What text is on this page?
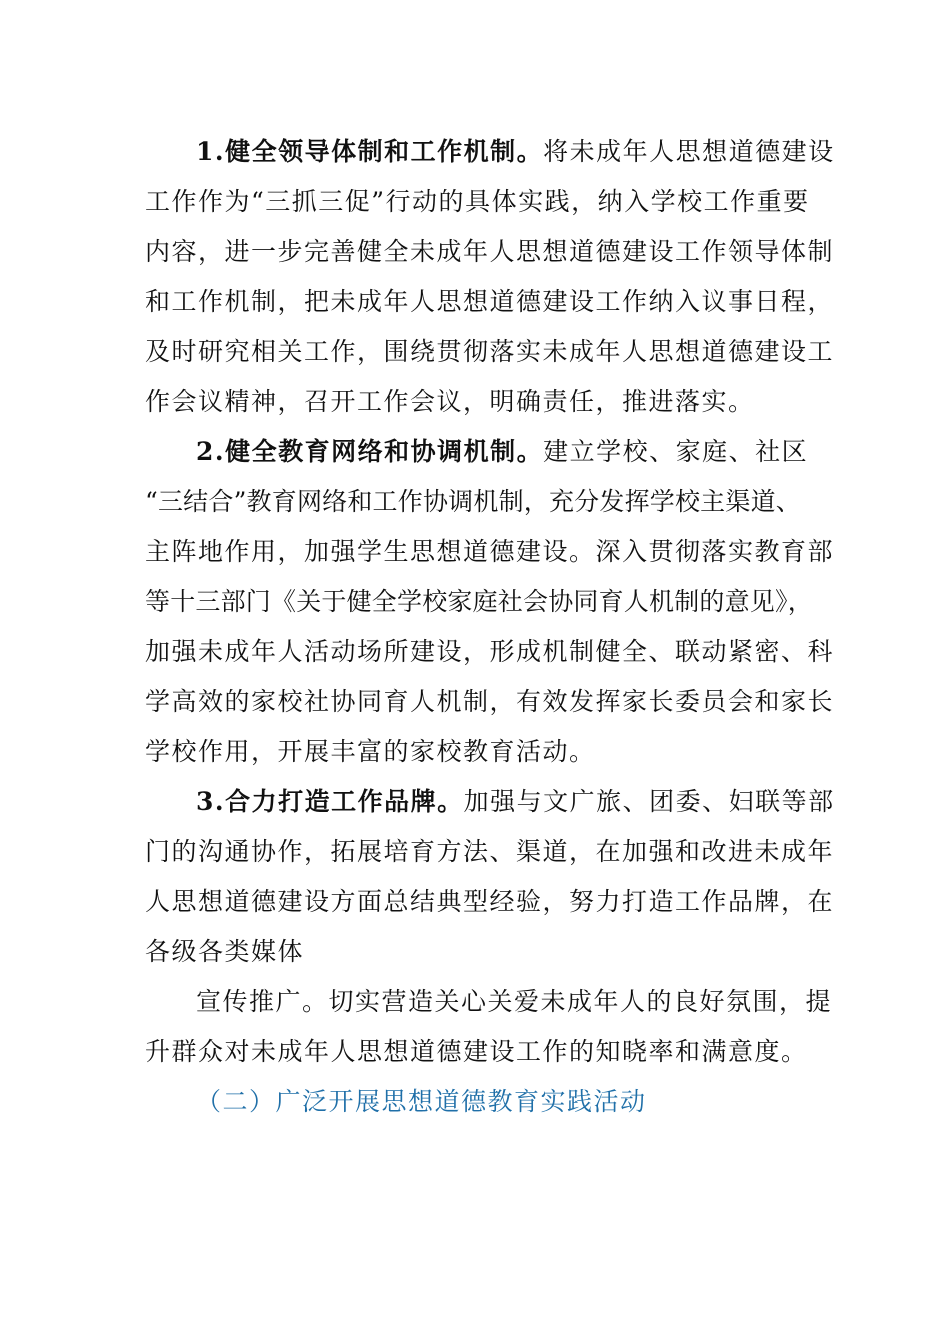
1.健全领导体制和工作机制。将未成年人思想道德建设
工作作为“三抓三促”行动的具体实践，纳入学校工作重要
内容，进一步完善健全未成年人思想道德建设工作领导体制
和工作机制，把未成年人思想道德建设工作纳入议事日程，
及时研究相关工作，围绕贯彻落实未成年人思想道德建设工
作会议精神，召开工作会议，明确责任，推进落实。
2.健全教育网络和协调机制。建立学校、家庭、社区
“三结合”教育网络和工作协调机制，充分发挥学校主渠道、
主阵地作用，加强学生思想道德建设。深入贯彻落实教育部
等十三部门《关于健全学校家庭社会协同育人机制的意见》，
加强未成年人活动场所建设，形成机制健全、联动紧密、科
学高效的家校社协同育人机制，有效发挥家长委员会和家长
学校作用，开展丰富的家校教育活动。
3.合力打造工作品牌。加强与文广旅、团委、妇联等部
门的沟通协作，拓展培育方法、渠道，在加强和改进未成年
人思想道德建设方面总结典型经验，努力打造工作品牌，在
各级各类媒体
宣传推广。切实营造关心关爱未成年人的良好氛围，提
升群众对未成年人思想道德建设工作的知晓率和满意度。
（二）广泛开展思想道德教育实践活动
